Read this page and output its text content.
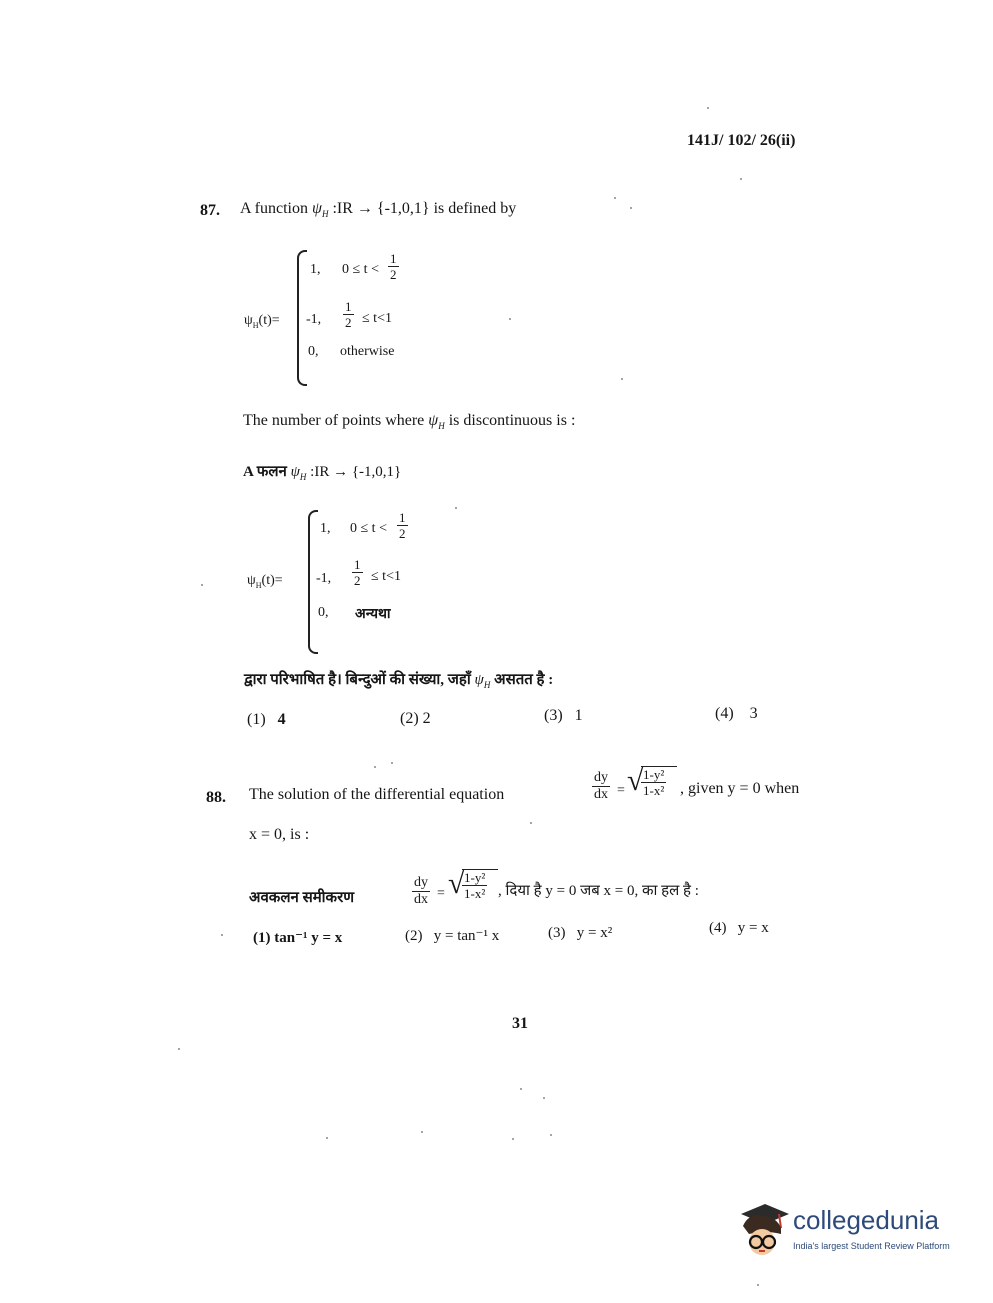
141J/ 102/ 26(ii)
87. A function $\psi_H$ :IR → {-1,0,1} is defined by
$\psi_H(t)=$
1, $0 \le t < \frac{1}{2}$
-1, $\frac{1}{2} \le t<1$
0, otherwise
The number of points where $\psi_H$ is discontinuous is :
A फलन $\psi_H$ :IR → {-1,0,1}
$\psi_H(t)=$
1, $0 \le t < \frac{1}{2}$
-1, $\frac{1}{2} \le t<1$
0, अन्यथा
द्वारा परिभाषित है। बिन्दुओं की संख्या, जहाँ $\psi_H$ असतत है :
(1) 4	(2) 2	(3) 1	(4) 3
88. The solution of the differential equation	$\frac{dy}{dx}$ = √
$\frac{\text{1-y²}}{\text{1-x²}}$ , given y = 0 when
x = 0, is :
अवकलन समीकरण	$\frac{dy}{dx}$ = √
$\frac{\text{1-y²}}{\text{1-x²}}$ , दिया है y = 0 जब x = 0, का हल है :
(1) tan⁻¹ y = x	(2) y = tan⁻¹ x	(3) y = x²	(4) y = x
31
collegedunia
India's largest Student Review Platform
